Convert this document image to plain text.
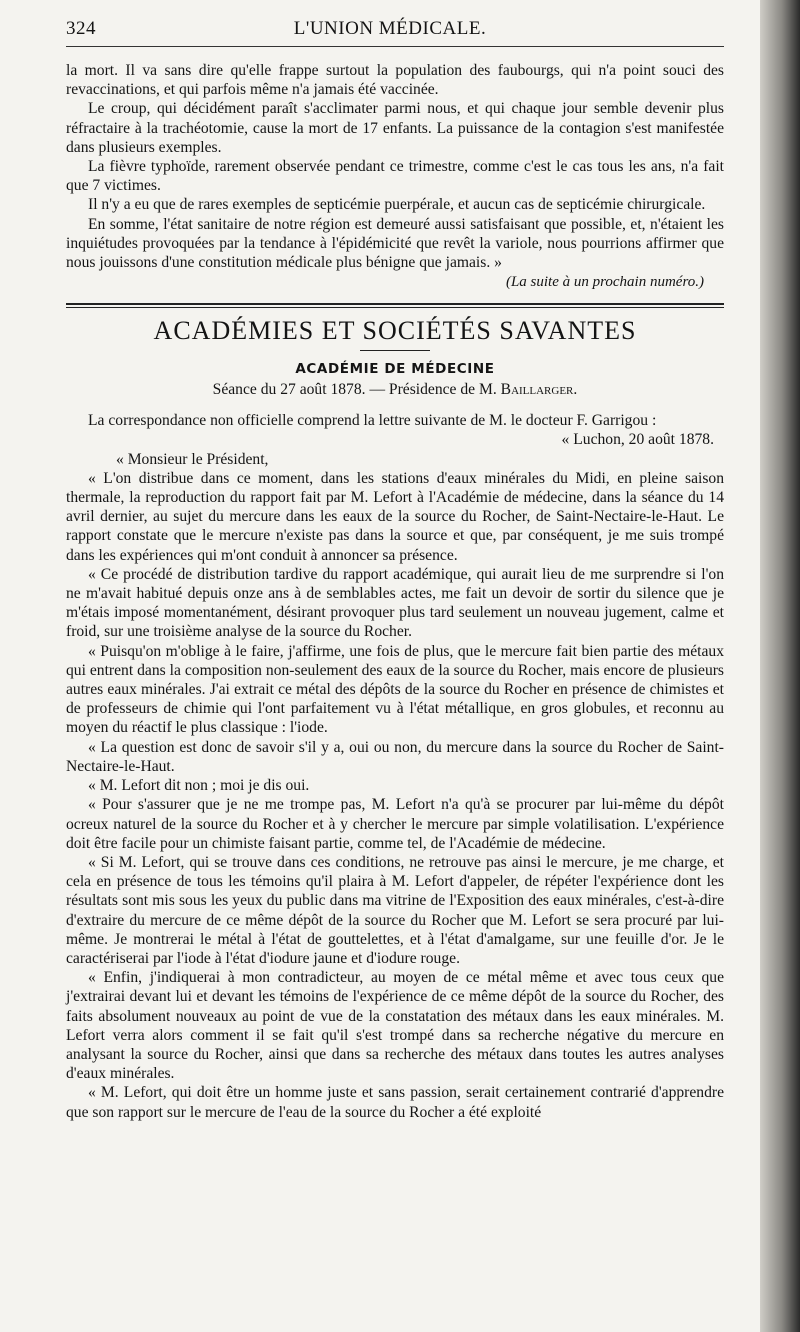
324	L'UNION MÉDICALE.

la mort. Il va sans dire qu'elle frappe surtout la population des faubourgs, qui n'a point souci des revaccinations, et qui parfois même n'a jamais été vaccinée.

Le croup, qui décidément paraît s'acclimater parmi nous, et qui chaque jour semble devenir plus réfractaire à la trachéotomie, cause la mort de 17 enfants. La puissance de la contagion s'est manifestée dans plusieurs exemples.

La fièvre typhoïde, rarement observée pendant ce trimestre, comme c'est le cas tous les ans, n'a fait que 7 victimes.

Il n'y a eu que de rares exemples de septicémie puerpérale, et aucun cas de septicémie chirurgicale.

En somme, l'état sanitaire de notre région est demeuré aussi satisfaisant que possible, et, n'étaient les inquiétudes provoquées par la tendance à l'épidémicité que revêt la variole, nous pourrions affirmer que nous jouissons d'une constitution médicale plus bénigne que jamais. »

(La suite à un prochain numéro.)
ACADÉMIES ET SOCIÉTÉS SAVANTES
ACADÉMIE DE MÉDECINE
Séance du 27 août 1878. — Présidence de M. Baillarger.

La correspondance non officielle comprend la lettre suivante de M. le docteur F. Garrigou :

« Luchon, 20 août 1878.

« Monsieur le Président,

« L'on distribue dans ce moment, dans les stations d'eaux minérales du Midi, en pleine saison thermale, la reproduction du rapport fait par M. Lefort à l'Académie de médecine, dans la séance du 14 avril dernier, au sujet du mercure dans les eaux de la source du Rocher, de Saint-Nectaire-le-Haut. Le rapport constate que le mercure n'existe pas dans la source et que, par conséquent, je me suis trompé dans les expériences qui m'ont conduit à annoncer sa présence.

« Ce procédé de distribution tardive du rapport académique, qui aurait lieu de me surprendre si l'on ne m'avait habitué depuis onze ans à de semblables actes, me fait un devoir de sortir du silence que je m'étais imposé momentanément, désirant provoquer plus tard seulement un nouveau jugement, calme et froid, sur une troisième analyse de la source du Rocher.

« Puisqu'on m'oblige à le faire, j'affirme, une fois de plus, que le mercure fait bien partie des métaux qui entrent dans la composition non-seulement des eaux de la source du Rocher, mais encore de plusieurs autres eaux minérales. J'ai extrait ce métal des dépôts de la source du Rocher en présence de chimistes et de professeurs de chimie qui l'ont parfaitement vu à l'état métallique, en gros globules, et reconnu au moyen du réactif le plus classique : l'iode.

« La question est donc de savoir s'il y a, oui ou non, du mercure dans la source du Rocher de Saint-Nectaire-le-Haut.

« M. Lefort dit non ; moi je dis oui.

« Pour s'assurer que je ne me trompe pas, M. Lefort n'a qu'à se procurer par lui-même du dépôt ocreux naturel de la source du Rocher et à y chercher le mercure par simple volatilisation. L'expérience doit être facile pour un chimiste faisant partie, comme tel, de l'Académie de médecine.

« Si M. Lefort, qui se trouve dans ces conditions, ne retrouve pas ainsi le mercure, je me charge, et cela en présence de tous les témoins qu'il plaira à M. Lefort d'appeler, de répéter l'expérience dont les résultats sont mis sous les yeux du public dans ma vitrine de l'Exposition des eaux minérales, c'est-à-dire d'extraire du mercure de ce même dépôt de la source du Rocher que M. Lefort se sera procuré par lui-même. Je montrerai le métal à l'état de gouttelettes, et à l'état d'amalgame, sur une feuille d'or. Je le caractériserai par l'iode à l'état d'iodure jaune et d'iodure rouge.

« Enfin, j'indiquerai à mon contradicteur, au moyen de ce métal même et avec tous ceux que j'extrairai devant lui et devant les témoins de l'expérience de ce même dépôt de la source du Rocher, des faits absolument nouveaux au point de vue de la constatation des métaux dans les eaux minérales. M. Lefort verra alors comment il se fait qu'il s'est trompé dans sa recherche négative du mercure en analysant la source du Rocher, ainsi que dans sa recherche des métaux dans toutes les autres analyses d'eaux minérales.

« M. Lefort, qui doit être un homme juste et sans passion, serait certainement contrarié d'apprendre que son rapport sur le mercure de l'eau de la source du Rocher a été exploité
